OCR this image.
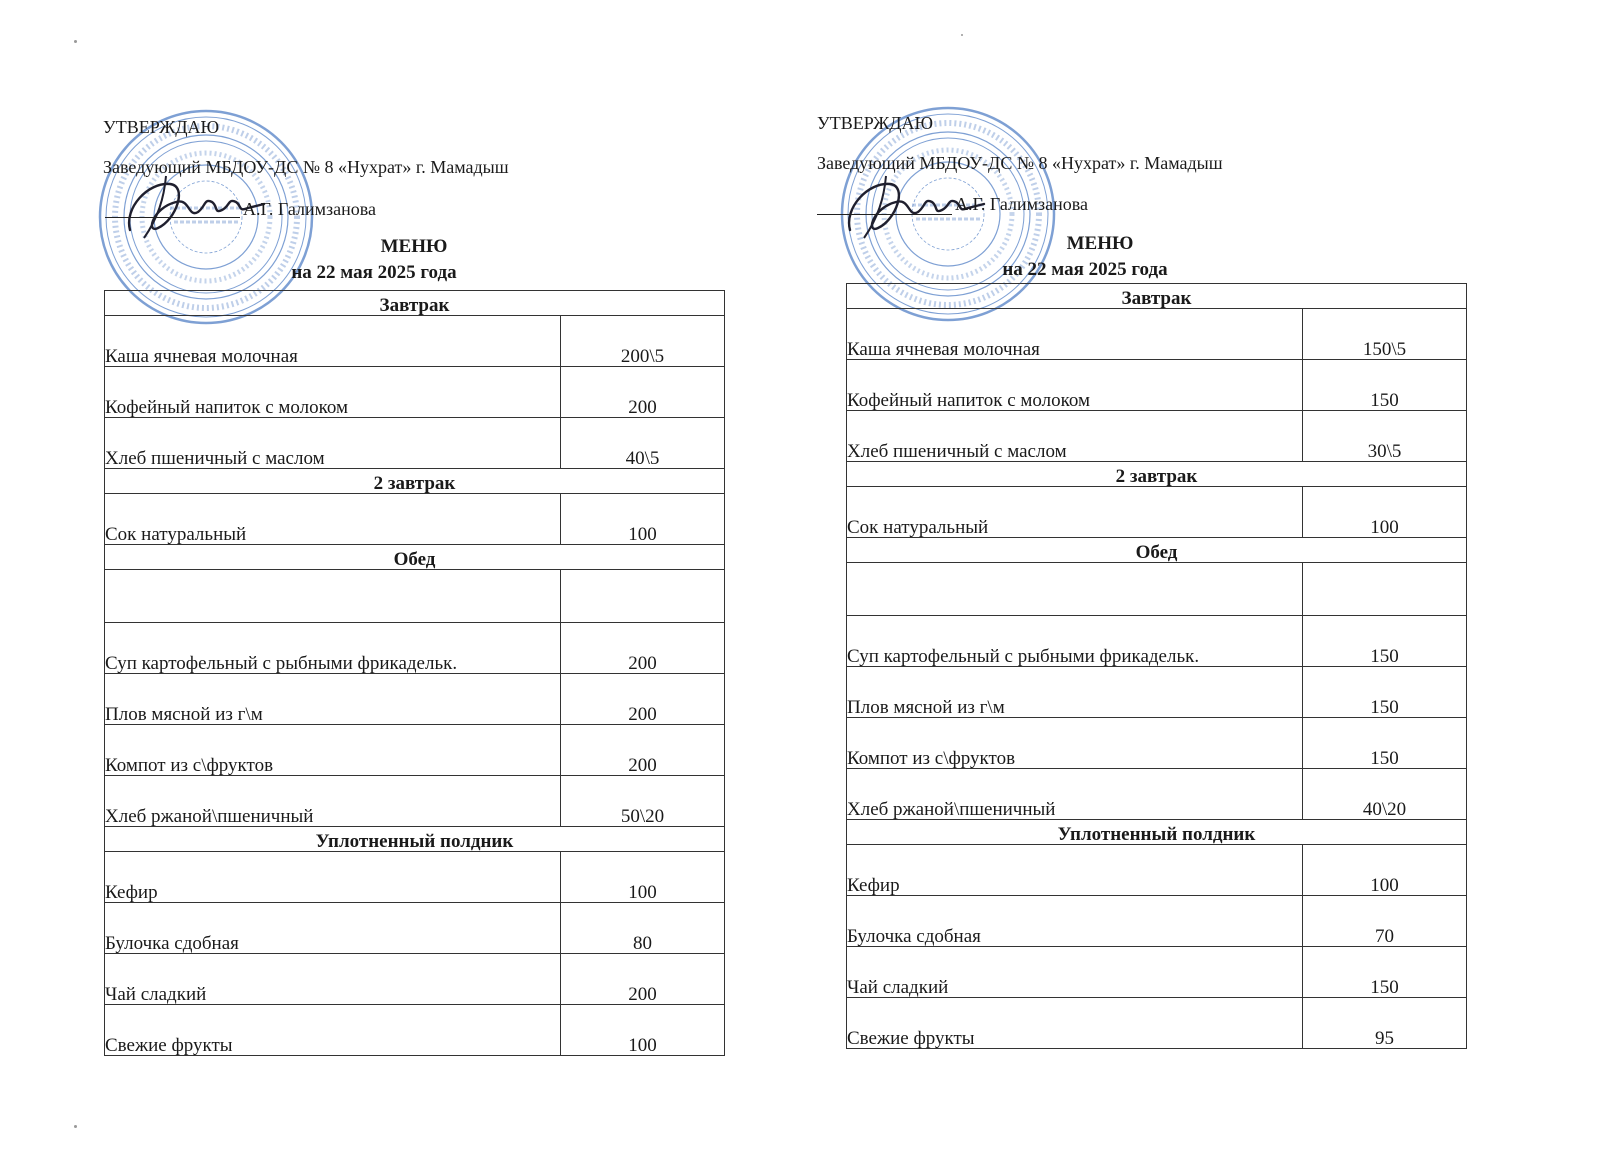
УТВЕРЖДАЮ
Заведующий МБДОУ-ДС № 8 «Нухрат» г. Мамадыш
А.Г. Галимзанова
МЕНЮ
на 22 мая 2025 года
Завтрак	
Каша ячневая молочная	200\5
Кофейный напиток с молоком	200
Хлеб пшеничный с маслом	40\5
2 завтрак	
Сок натуральный	100
Обед	

Суп картофельный с рыбными фрикадельк.	200
Плов мясной из г\м	200
Компот из с\фруктов	200
Хлеб ржаной\пшеничный	50\20
Уплотненный полдник	
Кефир	100
Булочка сдобная	80
Чай сладкий	200
Свежие фрукты	100
УТВЕРЖДАЮ
Заведующий МБДОУ-ДС № 8 «Нухрат» г. Мамадыш
А.Г. Галимзанова
МЕНЮ
на 22 мая 2025 года
Завтрак	
Каша ячневая молочная	150\5
Кофейный напиток с молоком	150
Хлеб пшеничный с маслом	30\5
2 завтрак	
Сок натуральный	100
Обед	

Суп картофельный с рыбными фрикадельк.	150
Плов мясной из г\м	150
Компот из с\фруктов	150
Хлеб ржаной\пшеничный	40\20
Уплотненный полдник	
Кефир	100
Булочка сдобная	70
Чай сладкий	150
Свежие фрукты	95
